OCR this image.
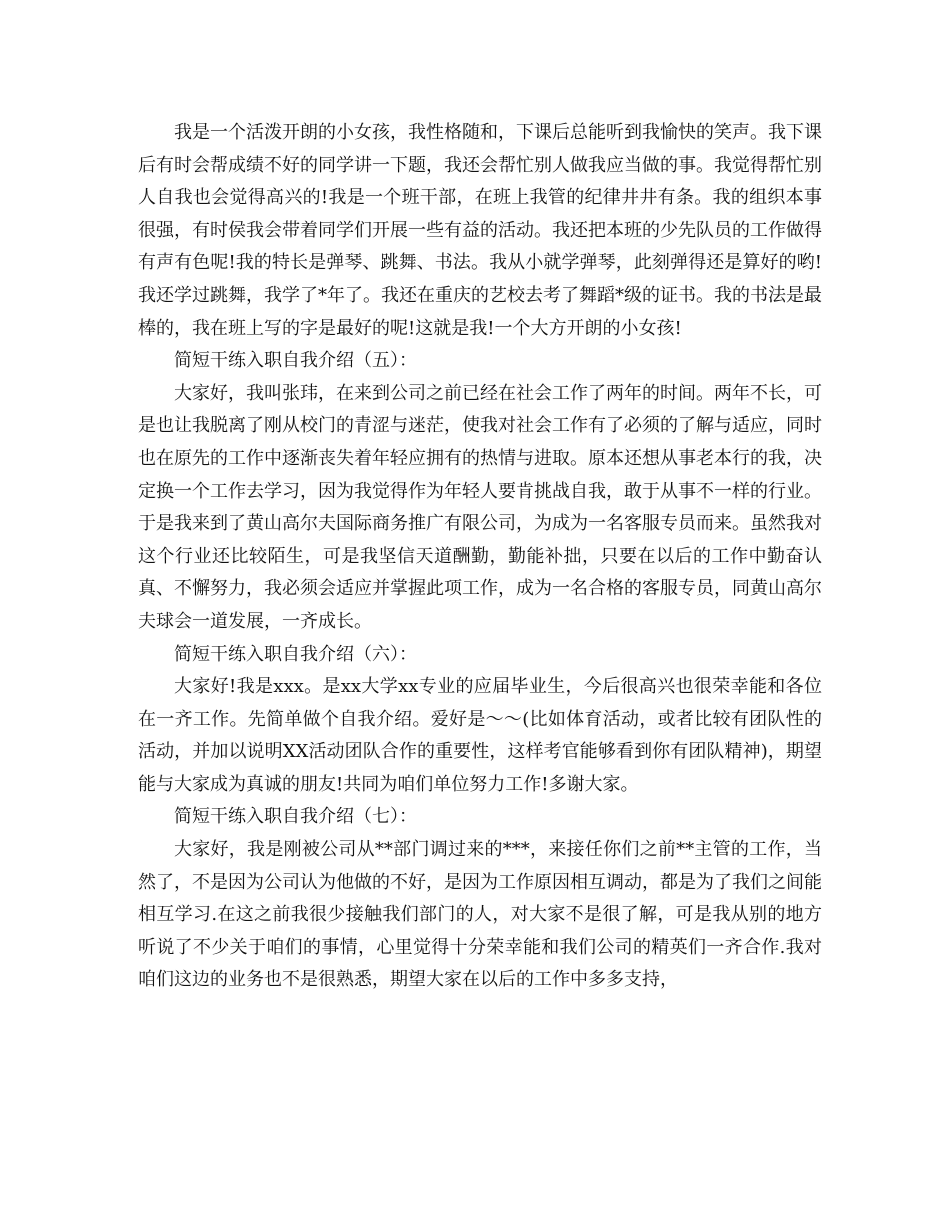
我是一个活泼开朗的小女孩，我性格随和，下课后总能听到我愉快的笑声。我下课后有时会帮成绩不好的同学讲一下题，我还会帮忙别人做我应当做的事。我觉得帮忙别人自我也会觉得高兴的!我是一个班干部，在班上我管的纪律井井有条。我的组织本事很强，有时侯我会带着同学们开展一些有益的活动。我还把本班的少先队员的工作做得有声有色呢!我的特长是弹琴、跳舞、书法。我从小就学弹琴，此刻弹得还是算好的哟!我还学过跳舞，我学了*年了。我还在重庆的艺校去考了舞蹈*级的证书。我的书法是最棒的，我在班上写的字是最好的呢!这就是我!一个大方开朗的小女孩!

简短干练入职自我介绍（五）：

大家好，我叫张玮，在来到公司之前已经在社会工作了两年的时间。两年不长，可是也让我脱离了刚从校门的青涩与迷茫，使我对社会工作有了必须的了解与适应，同时也在原先的工作中逐渐丧失着年轻应拥有的热情与进取。原本还想从事老本行的我，决定换一个工作去学习，因为我觉得作为年轻人要肯挑战自我，敢于从事不一样的行业。于是我来到了黄山高尔夫国际商务推广有限公司，为成为一名客服专员而来。虽然我对这个行业还比较陌生，可是我坚信天道酬勤，勤能补拙，只要在以后的工作中勤奋认真、不懈努力，我必须会适应并掌握此项工作，成为一名合格的客服专员，同黄山高尔夫球会一道发展，一齐成长。

简短干练入职自我介绍（六）：

大家好!我是xxx。是xx大学xx专业的应届毕业生，今后很高兴也很荣幸能和各位在一齐工作。先简单做个自我介绍。爱好是～～(比如体育活动，或者比较有团队性的活动，并加以说明XX活动团队合作的重要性，这样考官能够看到你有团队精神)，期望能与大家成为真诚的朋友!共同为咱们单位努力工作!多谢大家。

简短干练入职自我介绍（七）：

大家好，我是刚被公司从**部门调过来的***，来接任你们之前**主管的工作，当然了，不是因为公司认为他做的不好，是因为工作原因相互调动，都是为了我们之间能相互学习.在这之前我很少接触我们部门的人，对大家不是很了解，可是我从别的地方听说了不少关于咱们的事情，心里觉得十分荣幸能和我们公司的精英们一齐合作.我对咱们这边的业务也不是很熟悉，期望大家在以后的工作中多多支持，
